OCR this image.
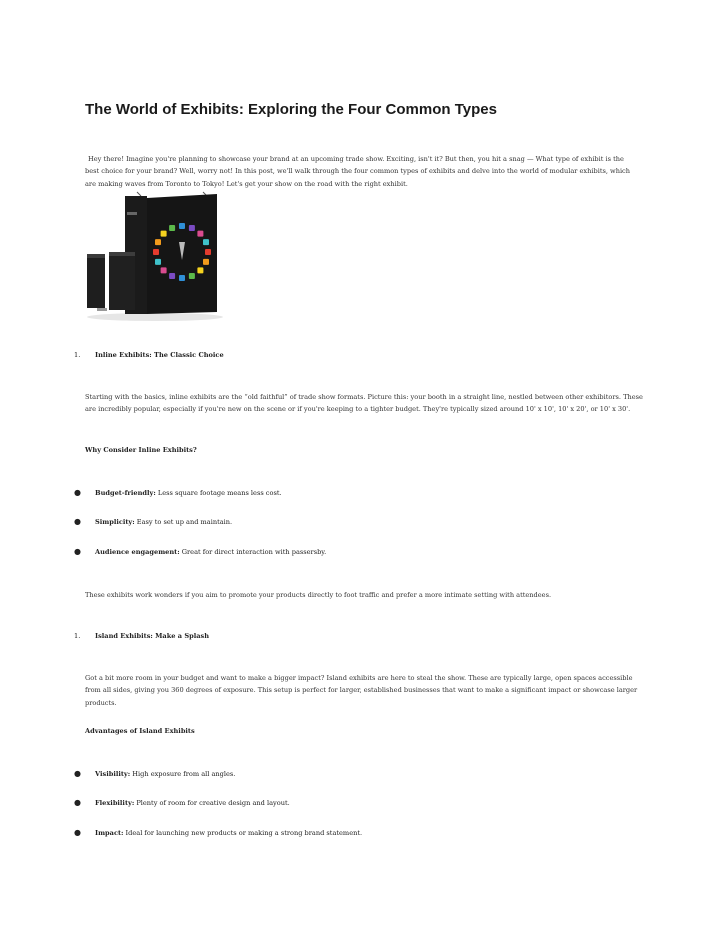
The World of Exhibits: Exploring the Four Common Types

Hey there! Imagine you're planning to showcase your brand at an upcoming trade show. Exciting, isn't it? But then, you hit a snag — What type of exhibit is the best choice for your brand? Well, worry not! In this post, we'll walk through the four common types of exhibits and delve into the world of modular exhibits, which are making waves from Toronto to Tokyo! Let's get your show on the road with the right exhibit.

1. Inline Exhibits: The Classic Choice

Starting with the basics, inline exhibits are the “old faithful” of trade show formats. Picture this: your booth in a straight line, nestled between other exhibitors. These are incredibly popular, especially if you're new on the scene or if you're keeping to a tighter budget. They're typically sized around 10' x 10', 10' x 20', or 10' x 30'.

Why Consider Inline Exhibits?

● Budget-friendly: Less square footage means less cost.
● Simplicity: Easy to set up and maintain.
● Audience engagement: Great for direct interaction with passersby.

These exhibits work wonders if you aim to promote your products directly to foot traffic and prefer a more intimate setting with attendees.

1. Island Exhibits: Make a Splash

Got a bit more room in your budget and want to make a bigger impact? Island exhibits are here to steal the show. These are typically large, open spaces accessible from all sides, giving you 360 degrees of exposure. This setup is perfect for larger, established businesses that want to make a significant impact or showcase larger products.

Advantages of Island Exhibits

● Visibility: High exposure from all angles.
● Flexibility: Plenty of room for creative design and layout.
● Impact: Ideal for launching new products or making a strong brand statement.
